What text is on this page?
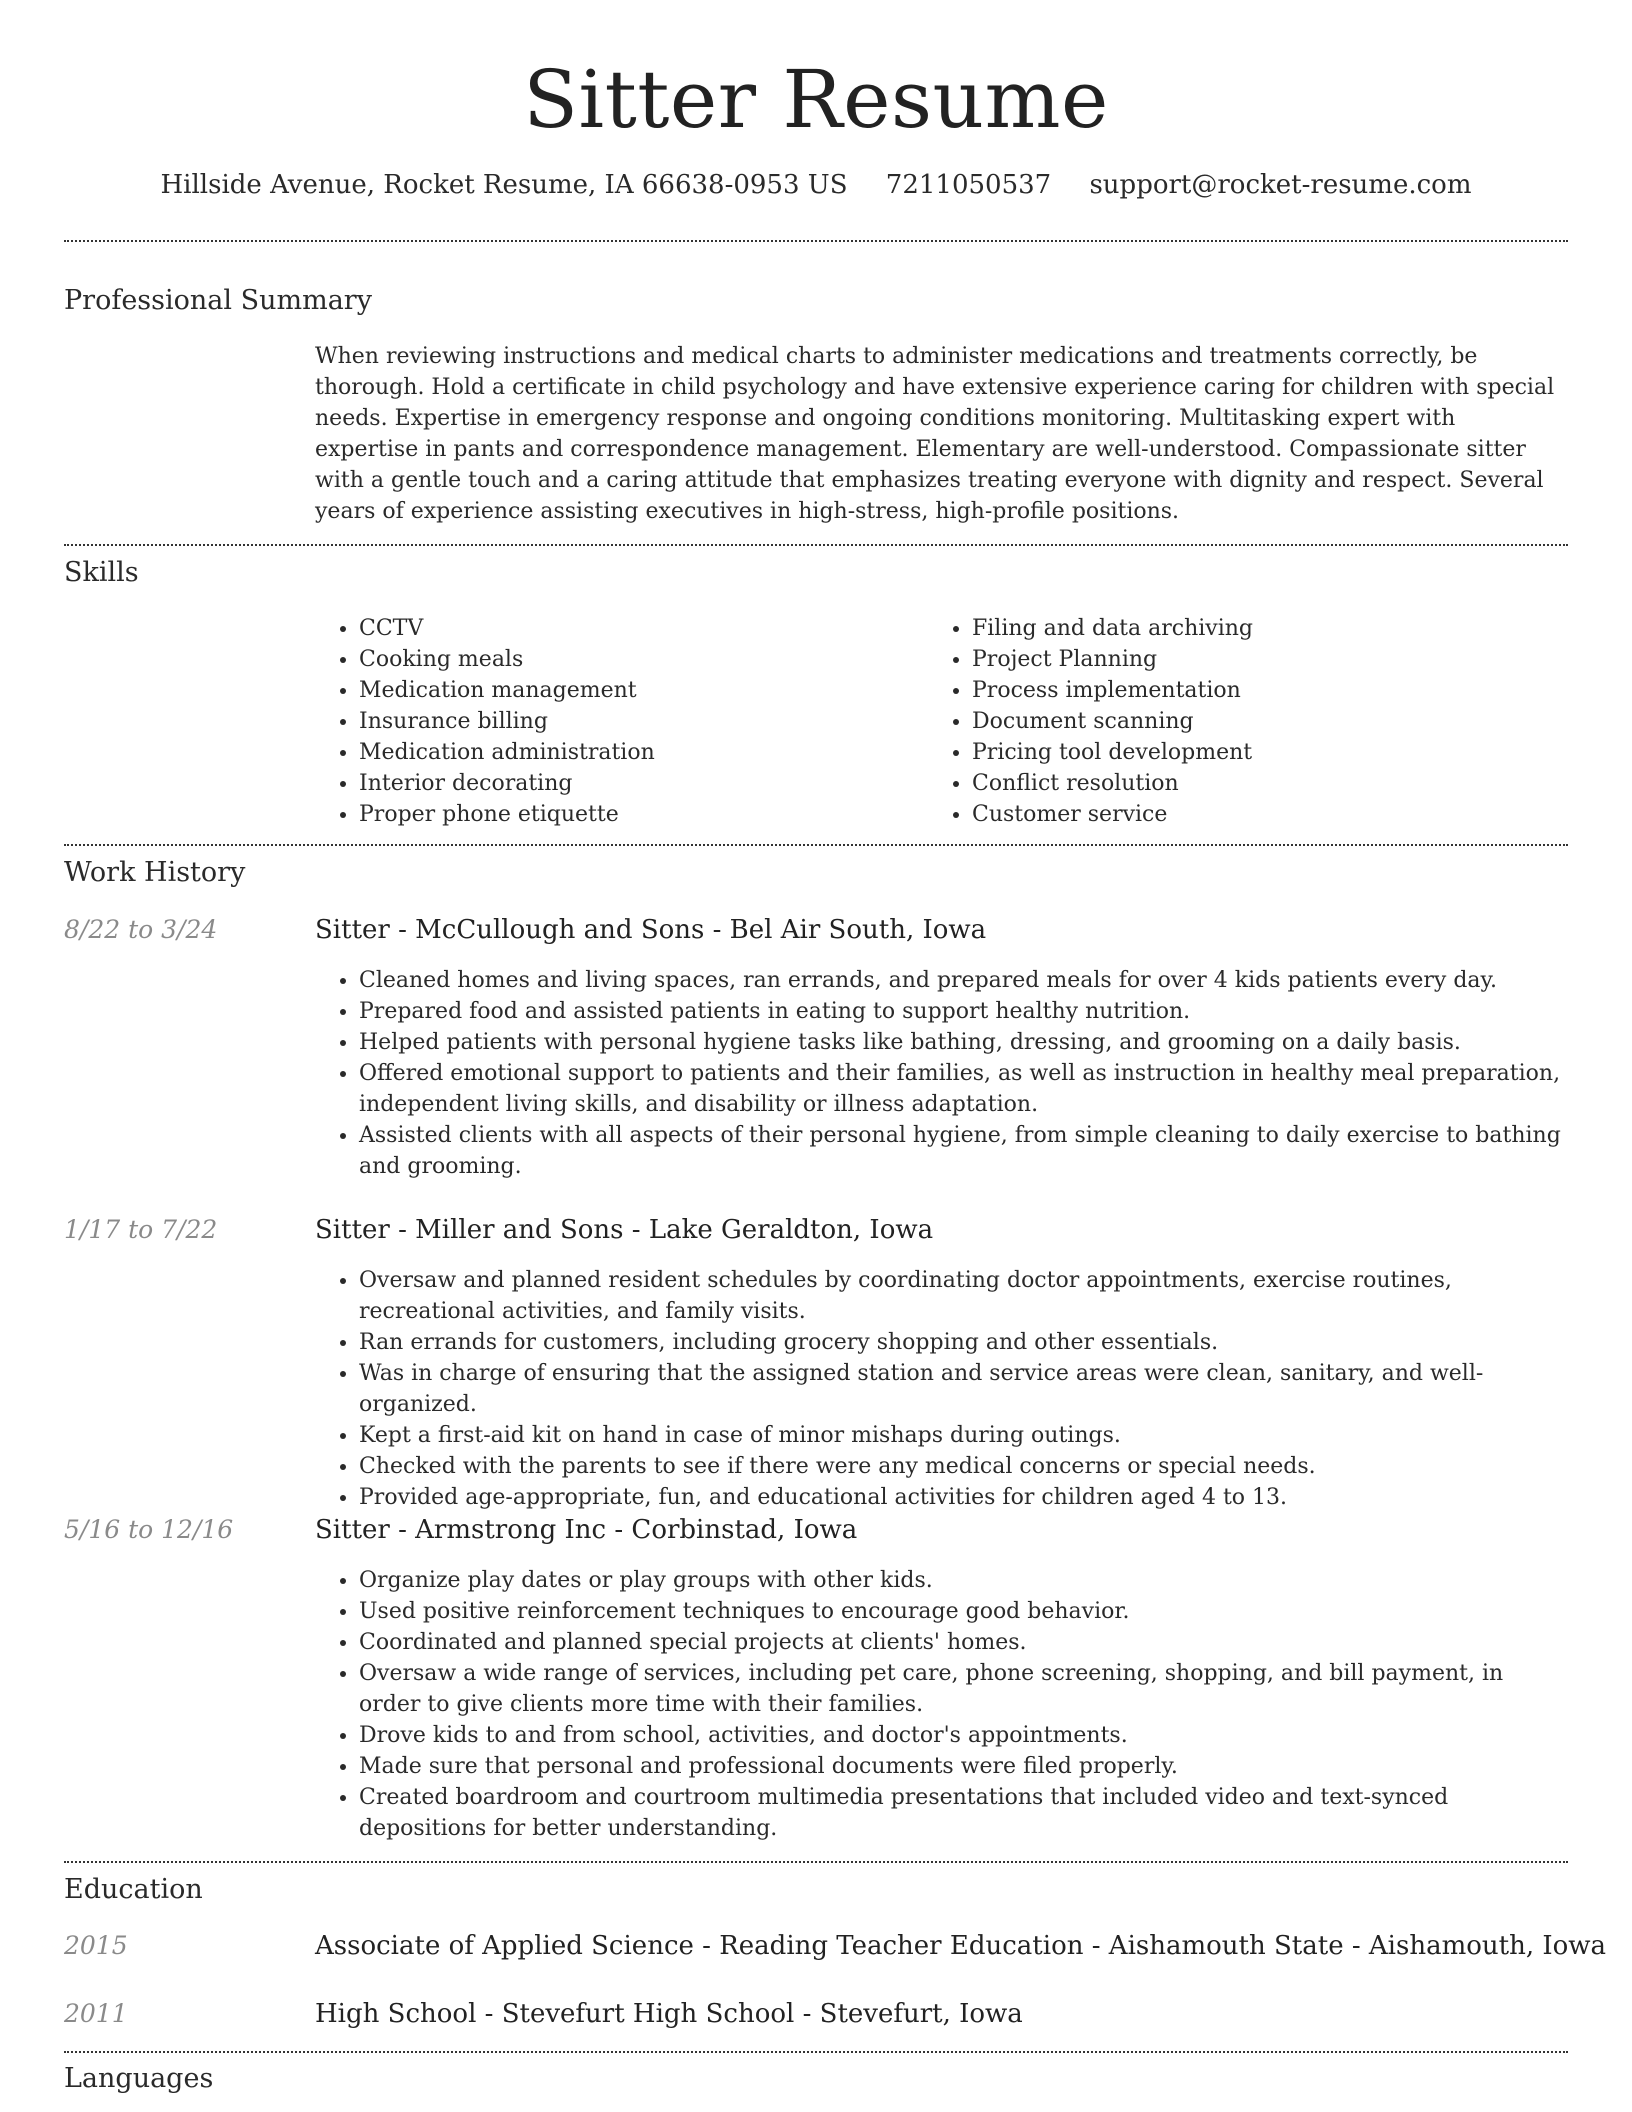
Sitter Resume
Hillside Avenue, Rocket Resume, IA 66638-0953 US 7211050537 support@rocket-resume.com
Professional Summary

When reviewing instructions and medical charts to administer medications and treatments correctly, be thorough. Hold a certificate in child psychology and have extensive experience caring for children with special needs. Expertise in emergency response and ongoing conditions monitoring. Multitasking expert with expertise in pants and correspondence management. Elementary are well-understood. Compassionate sitter with a gentle touch and a caring attitude that emphasizes treating everyone with dignity and respect. Several years of experience assisting executives in high-stress, high-profile positions.

Skills
• CCTV
• Cooking meals
• Medication management
• Insurance billing
• Medication administration
• Interior decorating
• Proper phone etiquette
• Filing and data archiving
• Project Planning
• Process implementation
• Document scanning
• Pricing tool development
• Conflict resolution
• Customer service
Work History
8/22 to 3/24	Sitter - McCullough and Sons - Bel Air South, Iowa
• Cleaned homes and living spaces, ran errands, and prepared meals for over 4 kids patients every day.
• Prepared food and assisted patients in eating to support healthy nutrition.
• Helped patients with personal hygiene tasks like bathing, dressing, and grooming on a daily basis.
• Offered emotional support to patients and their families, as well as instruction in healthy meal preparation, independent living skills, and disability or illness adaptation.
• Assisted clients with all aspects of their personal hygiene, from simple cleaning to daily exercise to bathing and grooming.
1/17 to 7/22	Sitter - Miller and Sons - Lake Geraldton, Iowa
• Oversaw and planned resident schedules by coordinating doctor appointments, exercise routines, recreational activities, and family visits.
• Ran errands for customers, including grocery shopping and other essentials.
• Was in charge of ensuring that the assigned station and service areas were clean, sanitary, and well-organized.
• Kept a first-aid kit on hand in case of minor mishaps during outings.
• Checked with the parents to see if there were any medical concerns or special needs.
• Provided age-appropriate, fun, and educational activities for children aged 4 to 13.
5/16 to 12/16	Sitter - Armstrong Inc - Corbinstad, Iowa
• Organize play dates or play groups with other kids.
• Used positive reinforcement techniques to encourage good behavior.
• Coordinated and planned special projects at clients' homes.
• Oversaw a wide range of services, including pet care, phone screening, shopping, and bill payment, in order to give clients more time with their families.
• Drove kids to and from school, activities, and doctor's appointments.
• Made sure that personal and professional documents were filed properly.
• Created boardroom and courtroom multimedia presentations that included video and text-synced depositions for better understanding.
Education
2015	Associate of Applied Science - Reading Teacher Education - Aishamouth State - Aishamouth, Iowa
2011	High School - Stevefurt High School - Stevefurt, Iowa
Languages
